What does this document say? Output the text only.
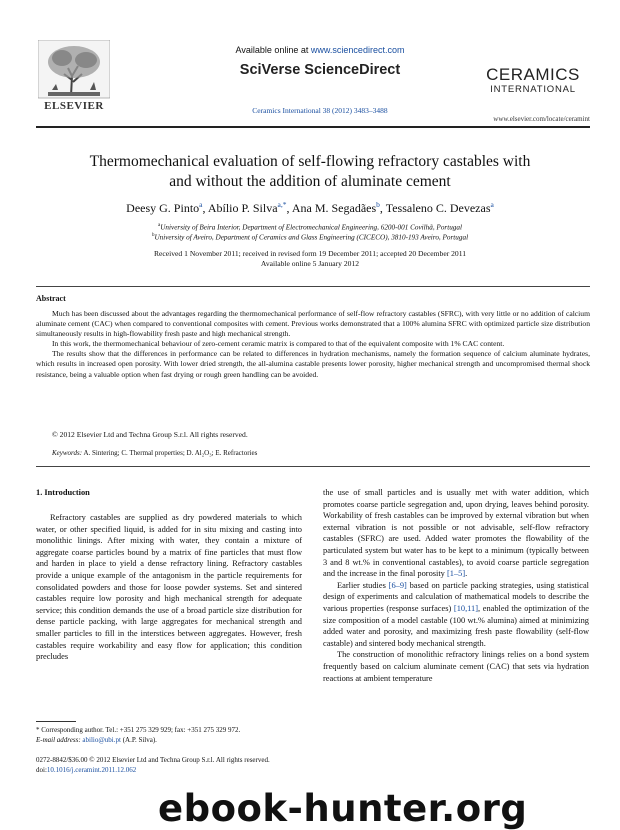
ELSEVIER
Available online at www.sciencedirect.com
SciVerse ScienceDirect
Ceramics International 38 (2012) 3483–3488
CERAMICS
INTERNATIONAL
www.elsevier.com/locate/ceramint
Thermomechanical evaluation of self-flowing refractory castables with
and without the addition of aluminate cement
Deesy G. Pinto$^a$, Abílio P. Silva$^{a,*}$, Ana M. Segadães$^b$, Tessaleno C. Devezas$^a$
$^a$University of Beira Interior, Department of Electromechanical Engineering, 6200-001 Covilhã, Portugal
$^b$University of Aveiro, Department of Ceramics and Glass Engineering (CICECO), 3810-193 Aveiro, Portugal
Received 1 November 2011; received in revised form 19 December 2011; accepted 20 December 2011
Available online 5 January 2012
Abstract

Much has been discussed about the advantages regarding the thermomechanical performance of self-flow refractory castables (SFRC), with very little or no addition of calcium aluminate cement (CAC) when compared to conventional composites with cement. Previous works demonstrated that a 100% alumina SFRC with optimized particle size distribution simultaneously results in high-flowability fresh paste and high mechanical strength.

In this work, the thermomechanical behaviour of zero-cement ceramic matrix is compared to that of the equivalent composite with 1% CAC content.

The results show that the differences in performance can be related to differences in hydration mechanisms, namely the formation sequence of calcium aluminate hydrates, which results in increased open porosity. With lower dried strength, the all-alumina castable presents lower porosity, higher mechanical strength and uncompromised thermal shock resistance, being a valuable option when fast drying or rough green handling can be avoided.

© 2012 Elsevier Ltd and Techna Group S.r.l. All rights reserved.
Keywords: A. Sintering; C. Thermal properties; D. Al₂O₃; E. Refractories
1. Introduction

Refractory castables are supplied as dry powdered materials to which water, or other specified liquid, is added for in situ mixing and casting into monolithic linings. After mixing with water, they contain a mixture of aggregate coarse particles bound by a matrix of fine particles that must flow and harden in place to yield a dense refractory lining. Refractory castables provide a unique example of the antagonism in the particle requirements for consolidated powders and those for loose powder systems. Set and sintered castables require low porosity and high mechanical strength for adequate service; this condition demands the use of a broad particle size distribution for dense particle packing, with large aggregates for mechanical strength and smaller particles to fill in the interstices between aggregates. However, fresh castables require workability and easy flow for application; this condition precludes

the use of small particles and is usually met with water addition, which promotes coarse particle segregation and, upon drying, leaves behind porosity. Workability of fresh castables can be improved by external vibration but when external vibration is not possible or not advisable, self-flow refractory castables (SFRC) are used. Added water promotes the flowability of the particulated system but water has to be kept to a minimum (typically between 3 and 8 wt.% in conventional castables), to avoid coarse particle segregation and the increase in the final porosity [1–5].

Earlier studies [6–9] based on particle packing strategies, using statistical design of experiments and calculation of mathematical models to describe the various properties (response surfaces) [10,11], enabled the optimization of the size composition of a model castable (100 wt.% alumina) aimed at minimizing added water and porosity, and maximizing fresh paste flowability (self-flow castable) and sintered body mechanical strength.

The construction of monolithic refractory linings relies on a bond system frequently based on calcium aluminate cement (CAC) that sets via hydration reactions at ambient temperature

* Corresponding author. Tel.: +351 275 329 929; fax: +351 275 329 972.
E-mail address: abilio@ubi.pt (A.P. Silva).
0272-8842/$36.00 © 2012 Elsevier Ltd and Techna Group S.r.l. All rights reserved.
doi:10.1016/j.ceramint.2011.12.062
ebook-hunter.org
